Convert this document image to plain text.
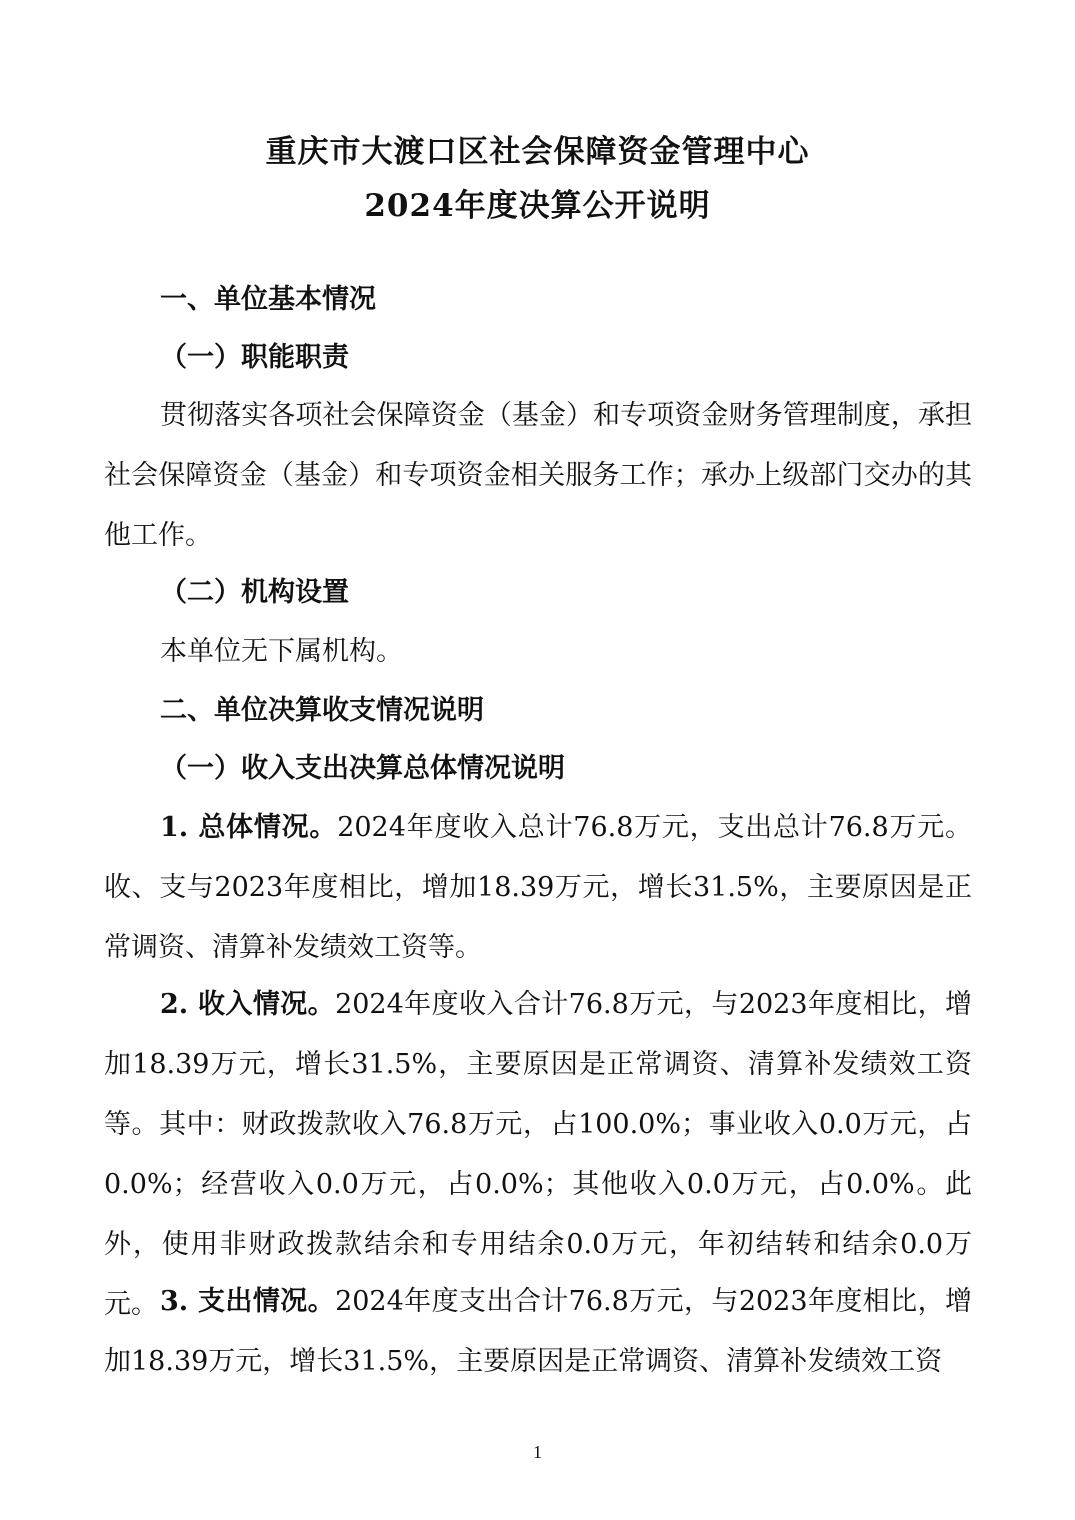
重庆市大渡口区社会保障资金管理中心
2024年度决算公开说明
一、单位基本情况
（一）职能职责
贯彻落实各项社会保障资金（基金）和专项资金财务管理制度，承担社会保障资金（基金）和专项资金相关服务工作；承办上级部门交办的其他工作。
（二）机构设置
本单位无下属机构。
二、单位决算收支情况说明
（一）收入支出决算总体情况说明
1. 总体情况。2024年度收入总计76.8万元，支出总计76.8万元。收、支与2023年度相比，增加18.39万元，增长31.5%，主要原因是正常调资、清算补发绩效工资等。
2. 收入情况。2024年度收入合计76.8万元，与2023年度相比，增加18.39万元，增长31.5%，主要原因是正常调资、清算补发绩效工资等。其中：财政拨款收入76.8万元，占100.0%；事业收入0.0万元，占0.0%；经营收入0.0万元，占0.0%；其他收入0.0万元，占0.0%。此外，使用非财政拨款结余和专用结余0.0万元，年初结转和结余0.0万元。 3. 支出情况。2024年度支出合计76.8万元，与2023年度相比，增加18.39万元，增长31.5%，主要原因是正常调资、清算补发绩效工资
1
